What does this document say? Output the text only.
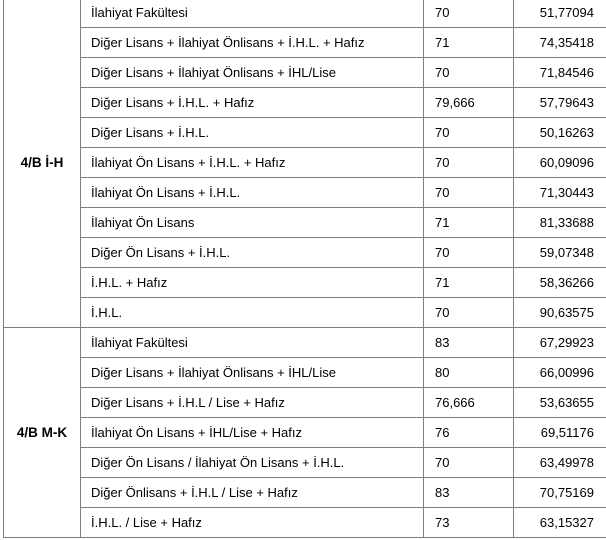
4/B İ-H	İlahiyat Fakültesi	70	51,77094
	Diğer Lisans + İlahiyat Önlisans + İ.H.L. + Hafız	71	74,35418
	Diğer Lisans + İlahiyat Önlisans + İHL/Lise	70	71,84546
	Diğer Lisans + İ.H.L. + Hafız	79,666	57,79643
	Diğer Lisans + İ.H.L.	70	50,16263
	İlahiyat Ön Lisans + İ.H.L. + Hafız	70	60,09096
	İlahiyat Ön Lisans + İ.H.L.	70	71,30443
	İlahiyat Ön Lisans	71	81,33688
	Diğer Ön Lisans + İ.H.L.	70	59,07348
	İ.H.L. + Hafız	71	58,36266
	İ.H.L.	70	90,63575
4/B M-K	İlahiyat Fakültesi	83	67,29923
	Diğer Lisans + İlahiyat Önlisans + İHL/Lise	80	66,00996
	Diğer Lisans + İ.H.L / Lise + Hafız	76,666	53,63655
	İlahiyat Ön Lisans + İHL/Lise + Hafız	76	69,51176
	Diğer Ön Lisans / İlahiyat Ön Lisans + İ.H.L.	70	63,49978
	Diğer Önlisans + İ.H.L / Lise + Hafız	83	70,75169
	İ.H.L. / Lise + Hafız	73	63,15327
